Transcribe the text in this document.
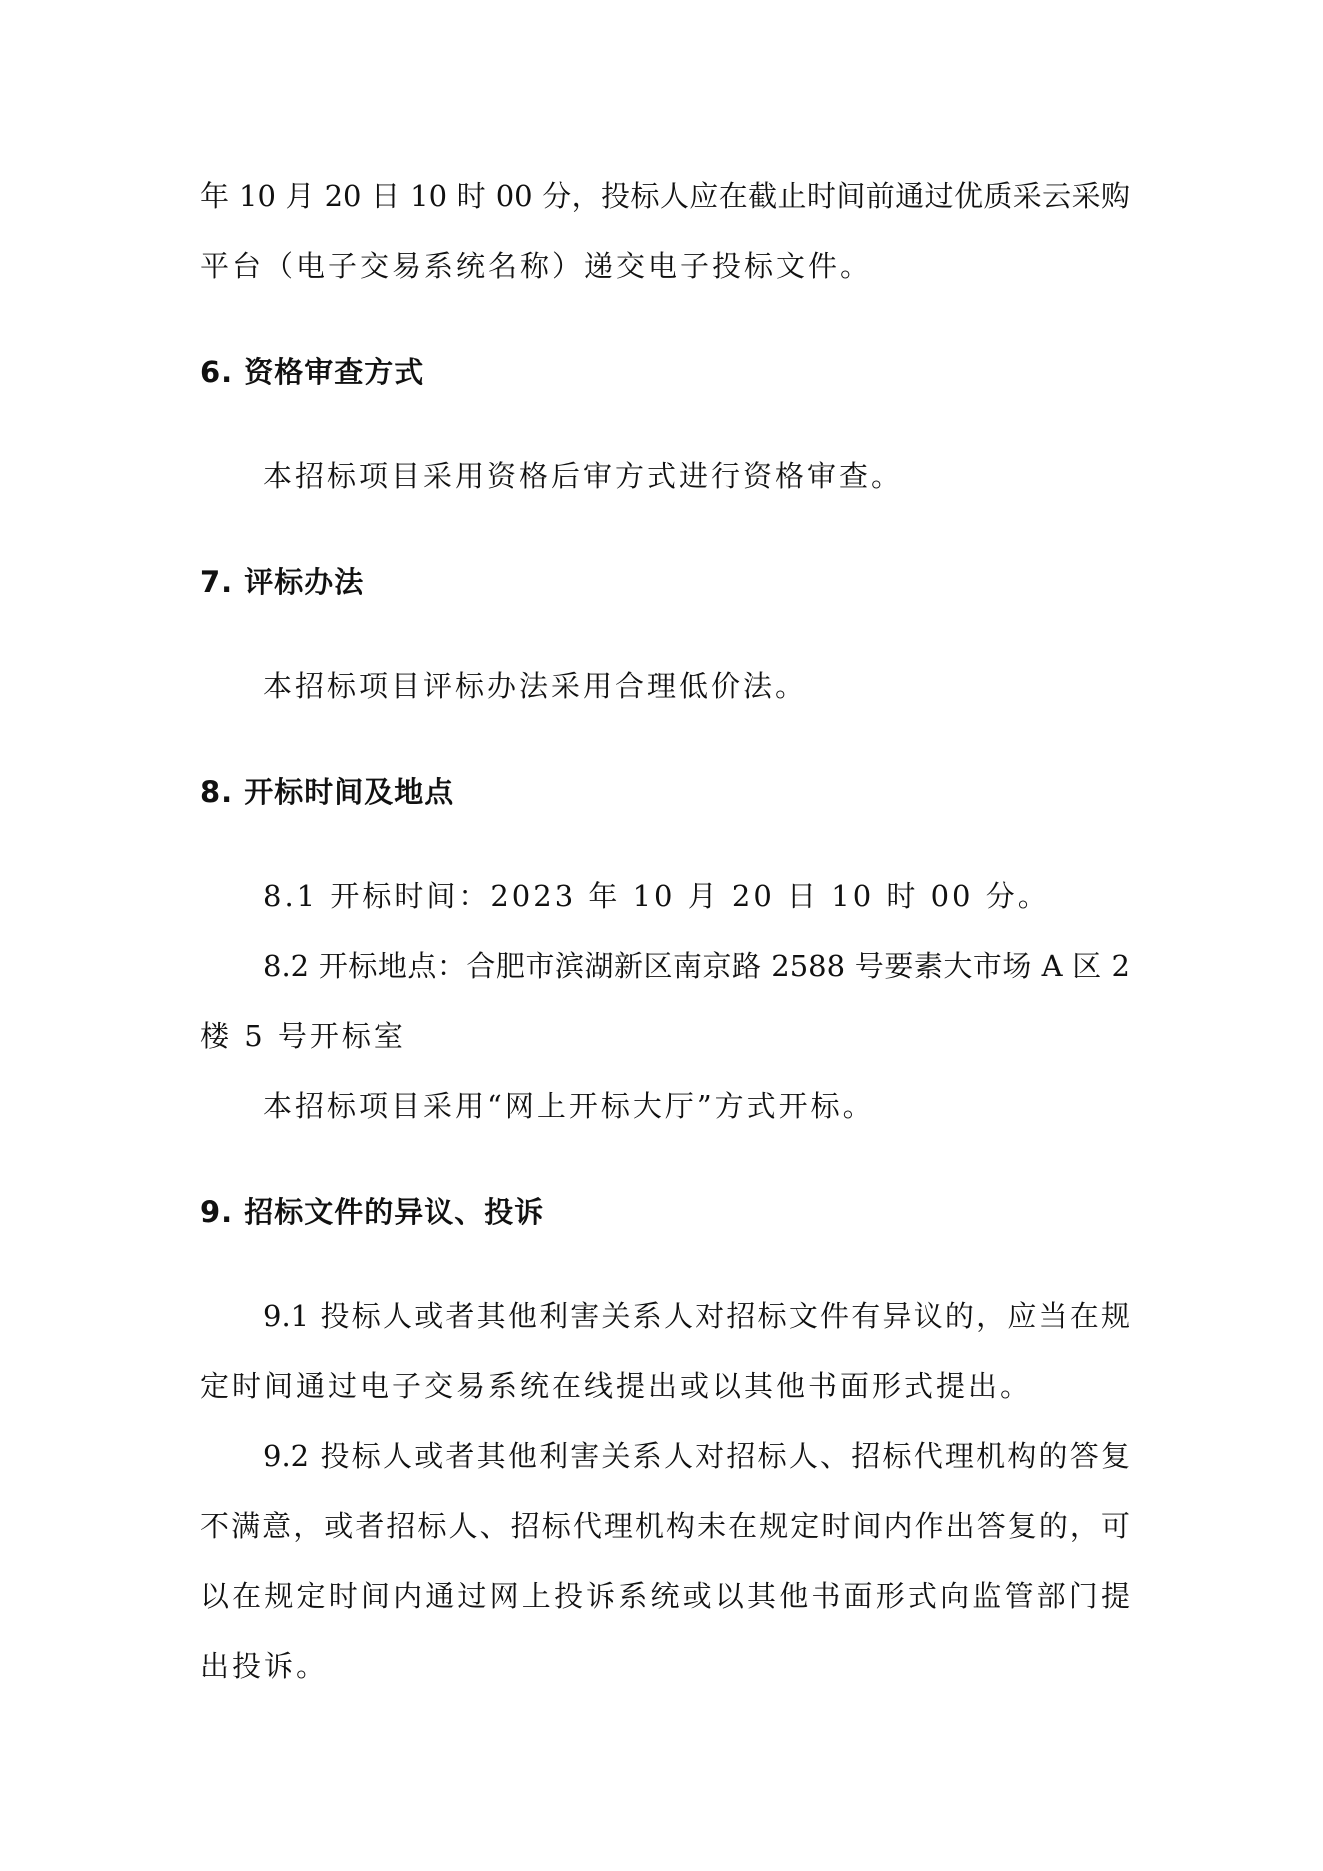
年 10 月 20 日 10 时 00 分，投标人应在截止时间前通过优质采云采购
平台（电子交易系统名称）递交电子投标文件。
6. 资格审查方式
本招标项目采用资格后审方式进行资格审查。
7. 评标办法
本招标项目评标办法采用合理低价法。
8. 开标时间及地点
8.1 开标时间：2023 年 10 月 20 日 10 时 00 分。
8.2 开标地点：合肥市滨湖新区南京路 2588 号要素大市场 A 区 2
楼 5 号开标室
本招标项目采用“网上开标大厅”方式开标。
9. 招标文件的异议、投诉
9.1 投标人或者其他利害关系人对招标文件有异议的，应当在规
定时间通过电子交易系统在线提出或以其他书面形式提出。
9.2 投标人或者其他利害关系人对招标人、招标代理机构的答复
不满意，或者招标人、招标代理机构未在规定时间内作出答复的，可
以在规定时间内通过网上投诉系统或以其他书面形式向监管部门提
出投诉。
